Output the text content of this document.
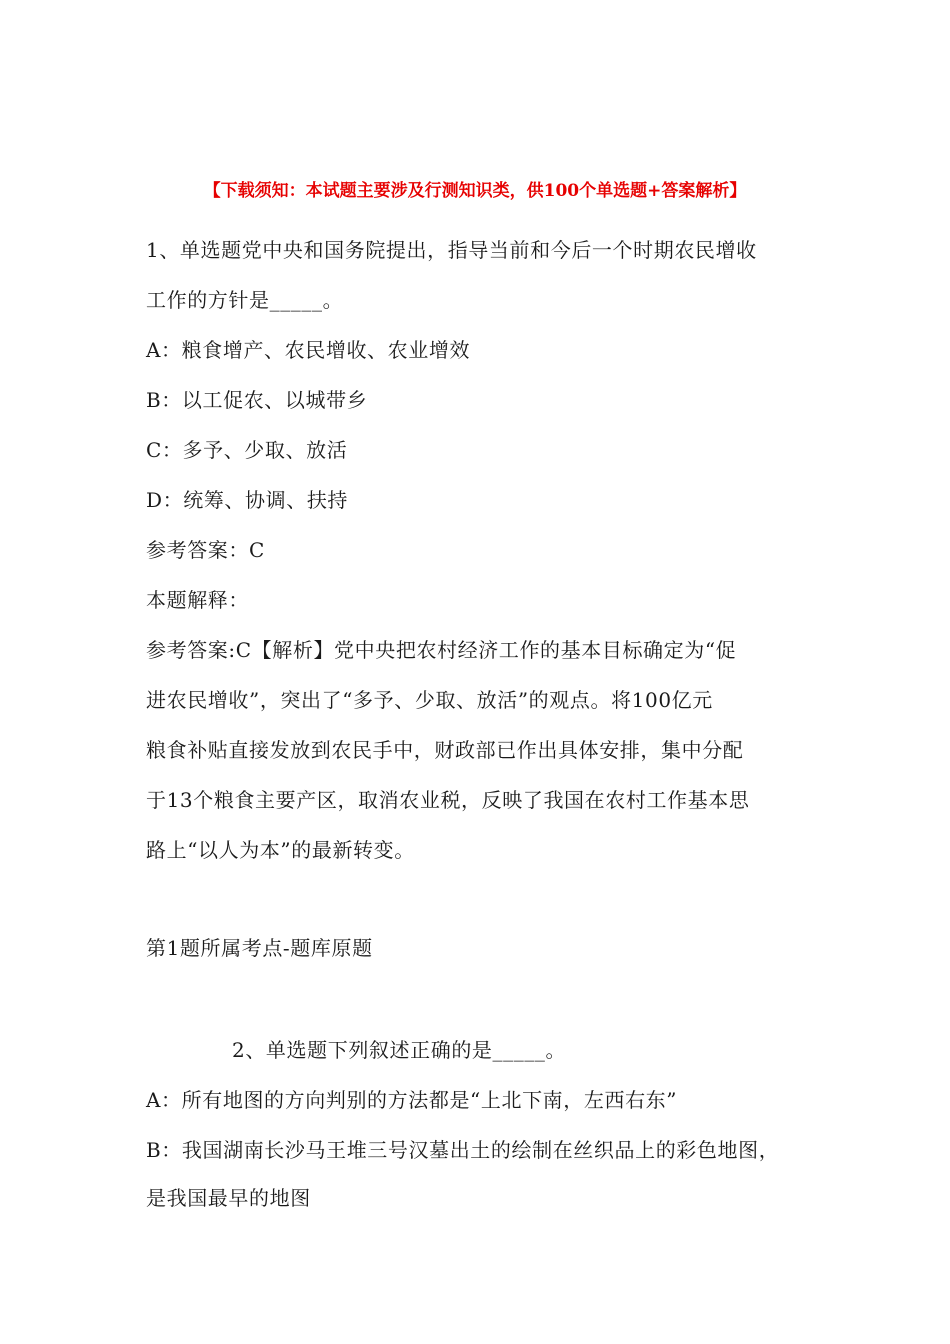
【下载须知：本试题主要涉及行测知识类，供100个单选题+答案解析】
1、单选题党中央和国务院提出，指导当前和今后一个时期农民增收
工作的方针是_____。
A：粮食增产、农民增收、农业增效
B：以工促农、以城带乡
C：多予、少取、放活
D：统筹、协调、扶持
参考答案：C
本题解释：
参考答案:C【解析】党中央把农村经济工作的基本目标确定为“促
进农民增收”，突出了“多予、少取、放活”的观点。将100亿元
粮食补贴直接发放到农民手中，财政部已作出具体安排，集中分配
于13个粮食主要产区，取消农业税，反映了我国在农村工作基本思
路上“以人为本”的最新转变。
第1题所属考点-题库原题
2、单选题下列叙述正确的是_____。
A：所有地图的方向判别的方法都是“上北下南，左西右东”
B：我国湖南长沙马王堆三号汉墓出土的绘制在丝织品上的彩色地图，
是我国最早的地图
